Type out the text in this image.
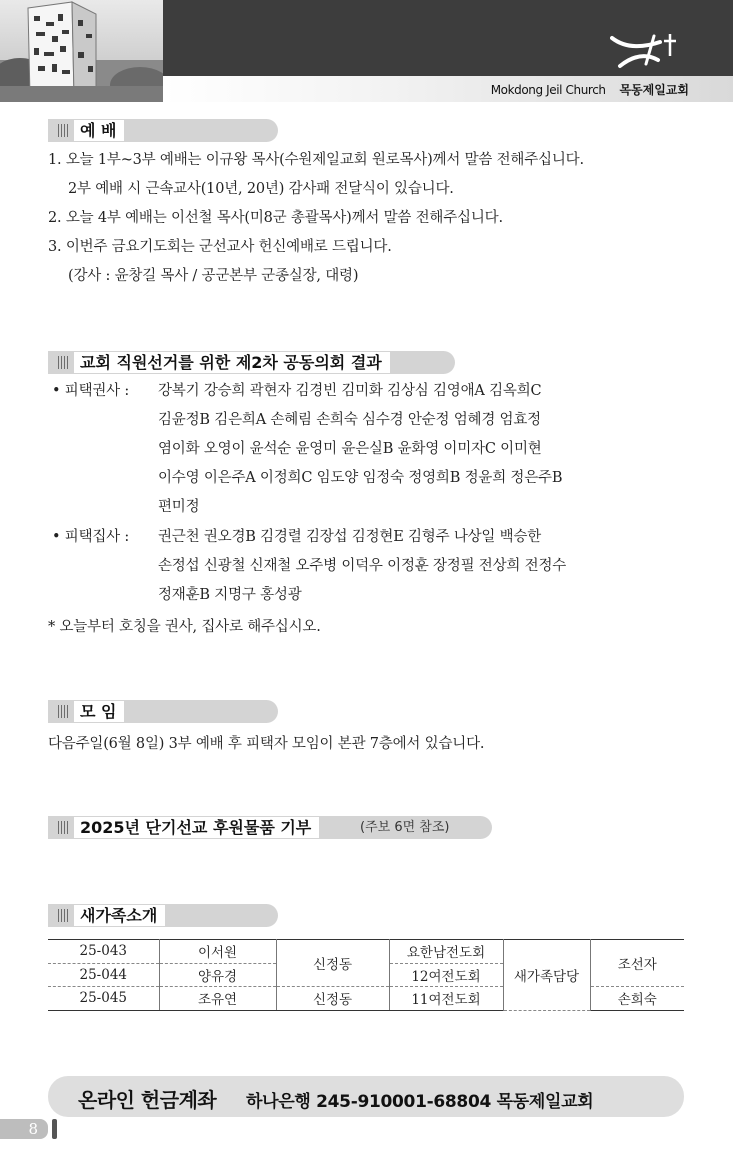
Mokdong Jeil Church 목동제일교회
예 배
1. 오늘 1부~3부 예배는 이규왕 목사(수원제일교회 원로목사)께서 말씀 전해주십니다.
2부 예배 시 근속교사(10년, 20년) 감사패 전달식이 있습니다.
2. 오늘 4부 예배는 이선철 목사(미8군 총괄목사)께서 말씀 전해주십니다.
3. 이번주 금요기도회는 군선교사 헌신예배로 드립니다.
(강사 : 윤창길 목사 / 공군본부 군종실장, 대령)
교회 직원선거를 위한 제2차 공동의회 결과
• 피택권사 : 강복기 강승희 곽현자 김경빈 김미화 김상심 김영애A 김옥희C
김윤정B 김은희A 손혜림 손희숙 심수경 안순정 엄혜경 엄효정
염이화 오영이 윤석순 윤영미 윤은실B 윤화영 이미자C 이미현
이수영 이은주A 이정희C 임도양 임정숙 정영희B 정윤희 정은주B
편미정
• 피택집사 : 권근천 권오경B 김경렬 김장섭 김정현E 김형주 나상일 백승한
손정섭 신광철 신재철 오주병 이덕우 이정훈 장정필 전상희 전정수
정재훈B 지명구 홍성광
* 오늘부터 호칭을 권사, 집사로 해주십시오.
모 임
다음주일(6월 8일) 3부 예배 후 피택자 모임이 본관 7층에서 있습니다.
2025년 단기선교 후원물품 기부	(주보 6면 참조)
새가족소개
25-043	이서원	신정동	요한남전도회	새가족담당	조선자
25-044	양유경		12여전도회		
25-045	조유연	신정동	11여전도회		손희숙
온라인 헌금계좌 하나은행 245-910001-68804 목동제일교회
8
